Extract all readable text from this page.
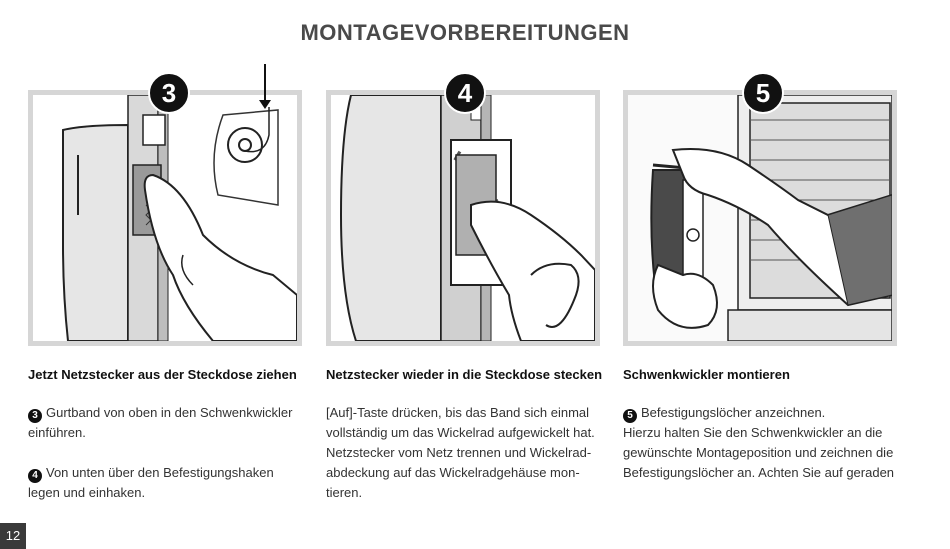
MONTAGEVORBEREITUNGEN
3	4	5
Jetzt Netzstecker aus der Steckdose ziehen

3 Gurtband von oben in den Schwenkwickler einführen.

4 Von unten über den Befestigungshaken legen und einhaken.

Netzstecker wieder in die Steckdose stecken

[Auf]-Taste drücken, bis das Band sich einmal vollständig um das Wickelrad aufgewickelt hat.

Netzstecker vom Netz trennen und Wickelrad-abdeckung auf das Wickelradgehäuse mon-tieren.

Schwenkwickler montieren

5 Befestigungslöcher anzeichnen.

Hierzu halten Sie den Schwenkwickler an die gewünschte Montageposition und zeichnen die Befestigungslöcher an. Achten Sie auf geraden

12
